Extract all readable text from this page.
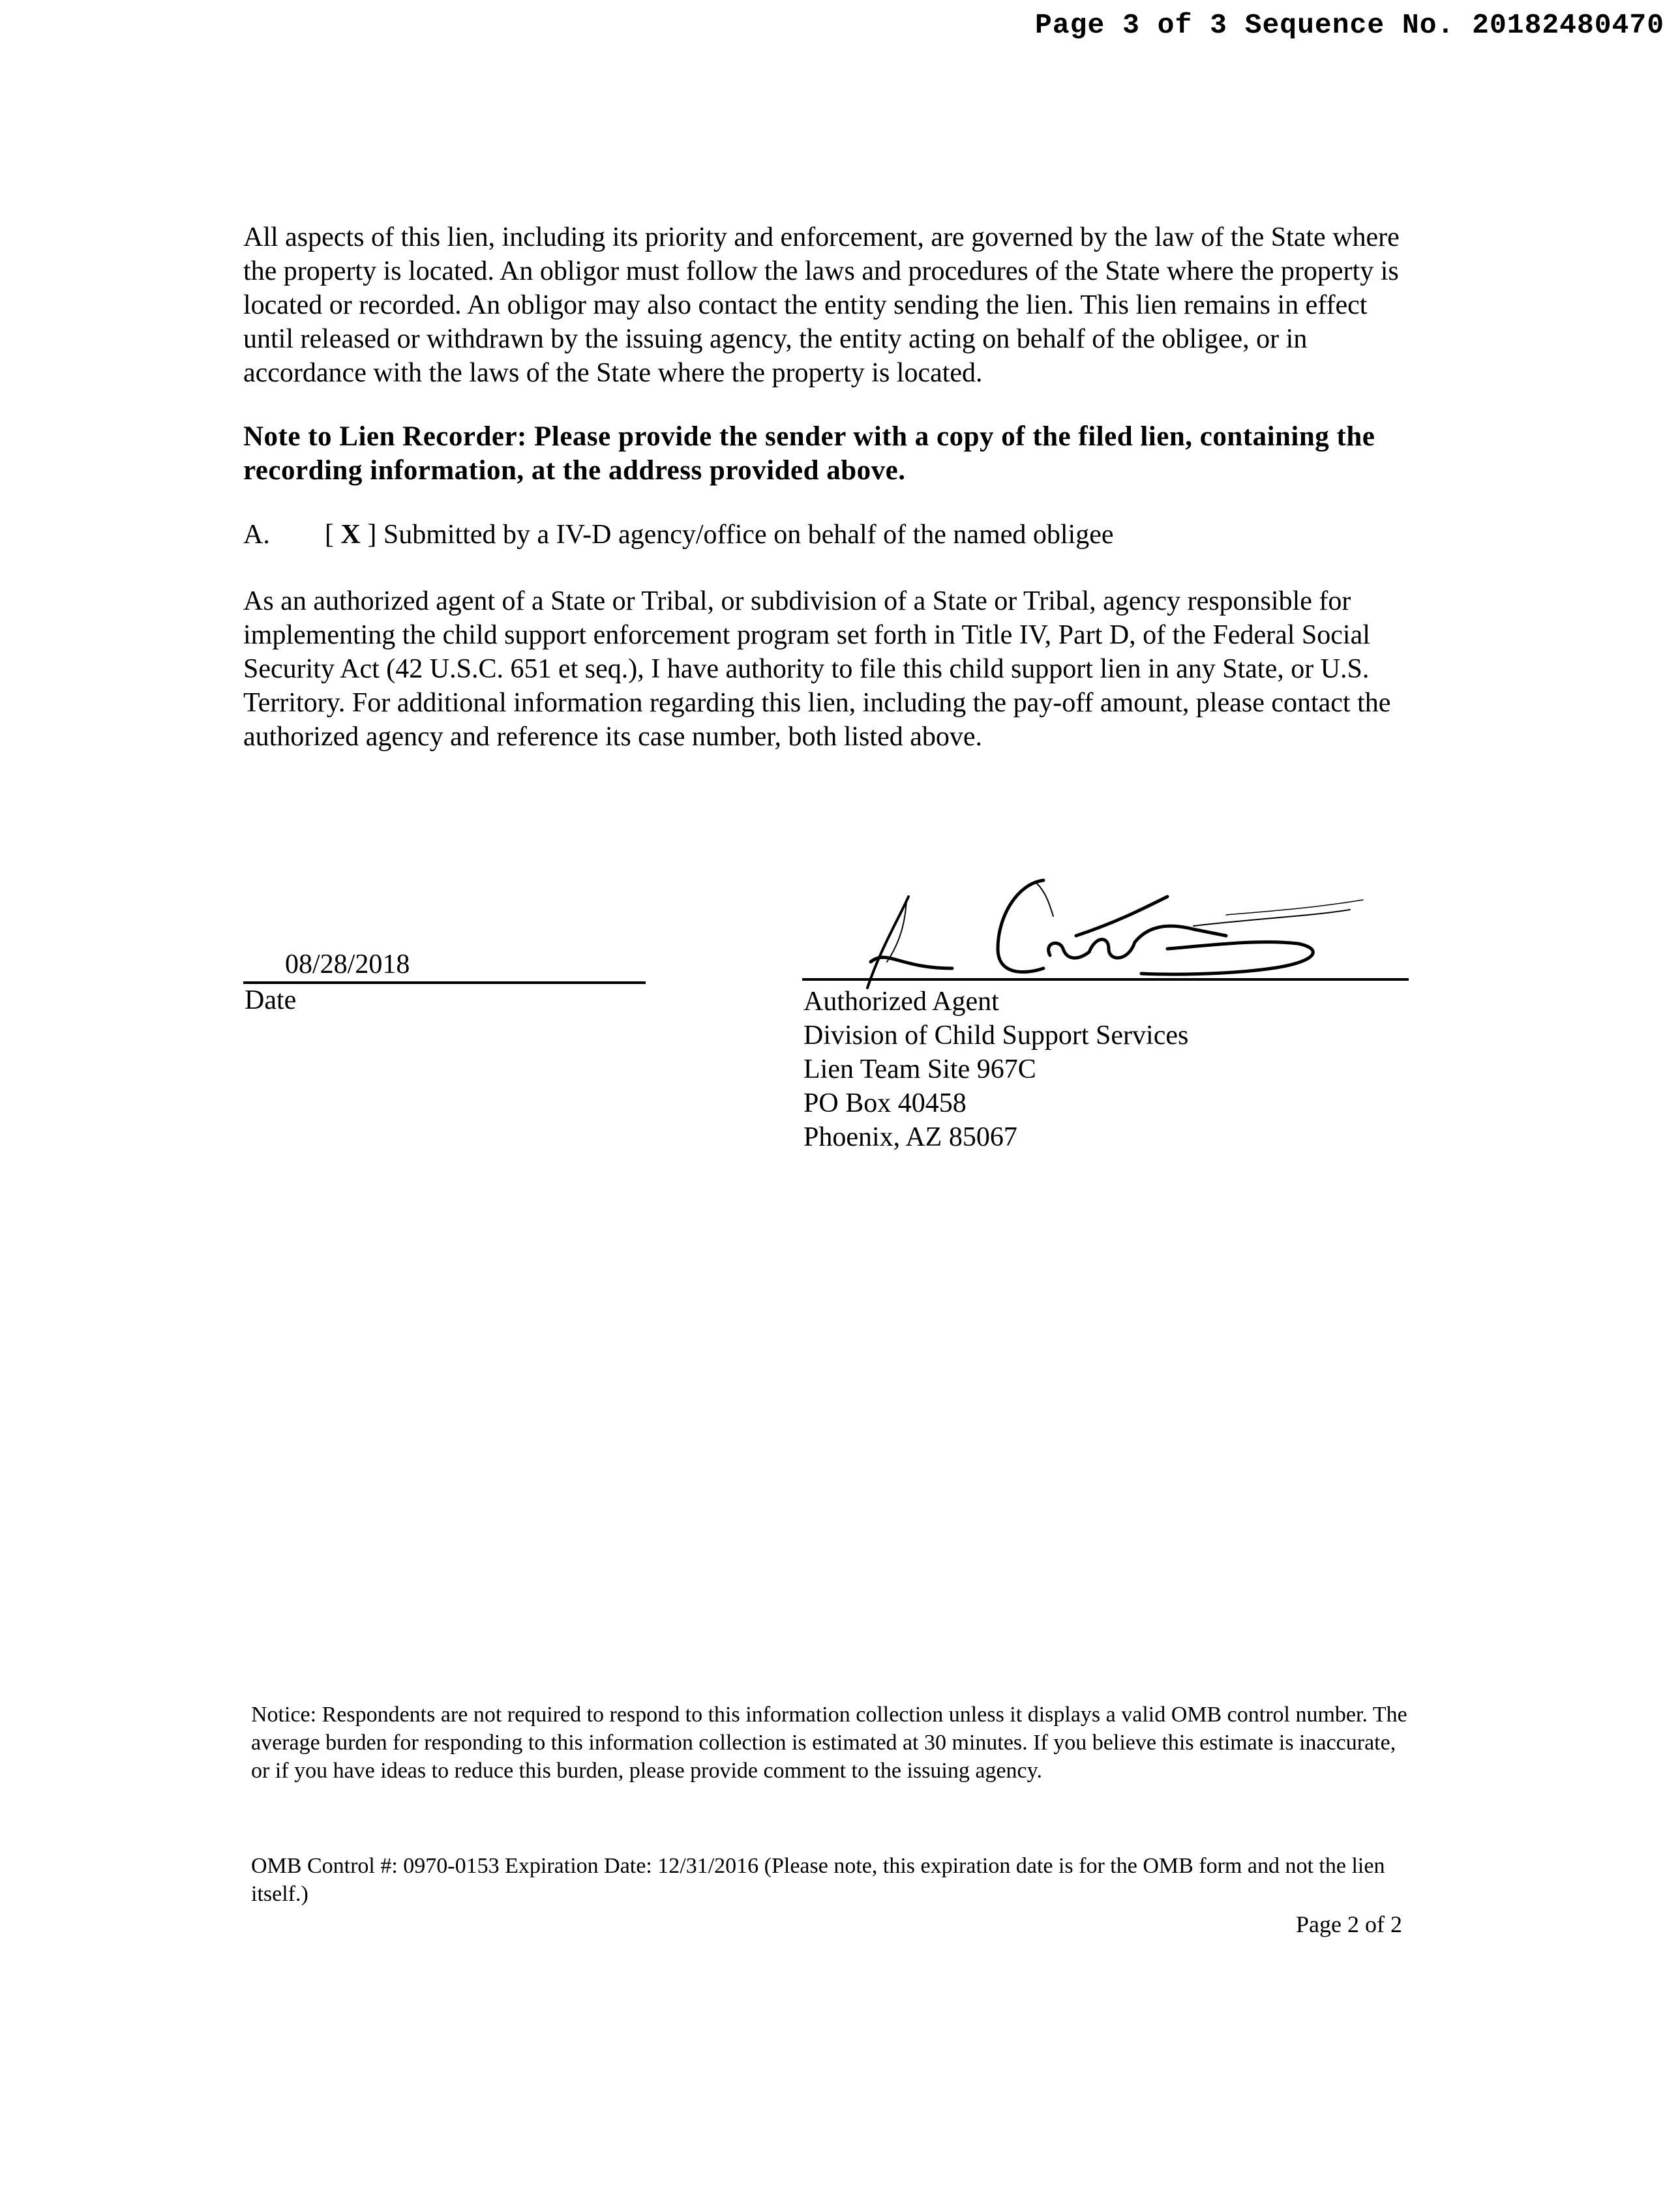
Page 3 of 3 Sequence No. 20182480470

All aspects of this lien, including its priority and enforcement, are governed by the law of the State where the property is located. An obligor must follow the laws and procedures of the State where the property is located or recorded. An obligor may also contact the entity sending the lien. This lien remains in effect until released or withdrawn by the issuing agency, the entity acting on behalf of the obligee, or in accordance with the laws of the State where the property is located.

Note to Lien Recorder: Please provide the sender with a copy of the filed lien, containing the recording information, at the address provided above.

A. [ X ] Submitted by a IV-D agency/office on behalf of the named obligee

As an authorized agent of a State or Tribal, or subdivision of a State or Tribal, agency responsible for implementing the child support enforcement program set forth in Title IV, Part D, of the Federal Social Security Act (42 U.S.C. 651 et seq.), I have authority to file this child support lien in any State, or U.S. Territory. For additional information regarding this lien, including the pay-off amount, please contact the authorized agency and reference its case number, both listed above.

08/28/2018
Date	Authorized Agent
Division of Child Support Services
Lien Team Site 967C
PO Box 40458
Phoenix, AZ 85067

Notice: Respondents are not required to respond to this information collection unless it displays a valid OMB control number. The average burden for responding to this information collection is estimated at 30 minutes. If you believe this estimate is inaccurate, or if you have ideas to reduce this burden, please provide comment to the issuing agency.

OMB Control #: 0970-0153 Expiration Date: 12/31/2016 (Please note, this expiration date is for the OMB form and not the lien itself.)

Page 2 of 2
